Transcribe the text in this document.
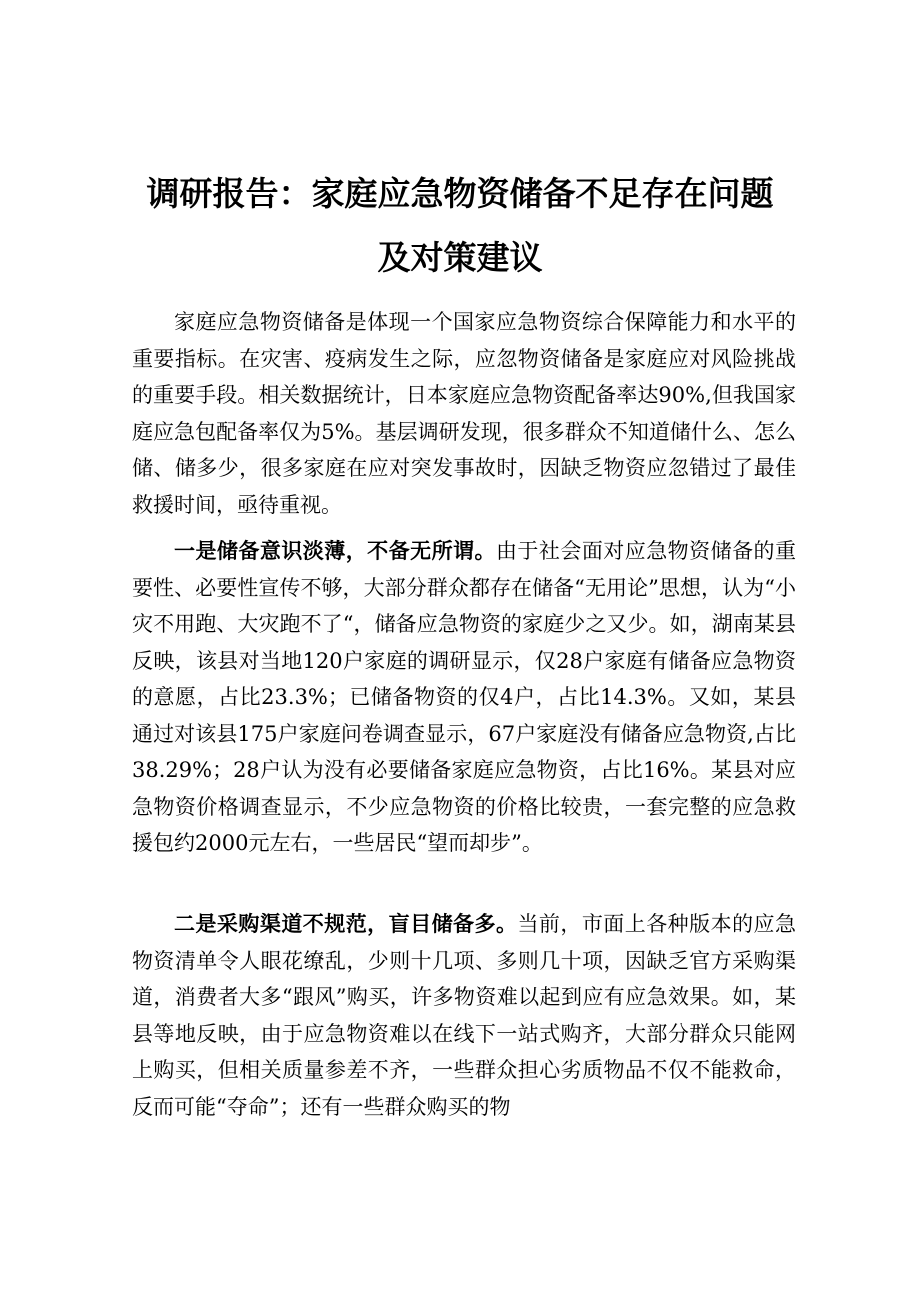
调研报告：家庭应急物资储备不足存在问题
及对策建议

家庭应急物资储备是体现一个国家应急物资综合保障能力和水平的重要指标。在灾害、疫病发生之际，应忽物资储备是家庭应对风险挑战的重要手段。相关数据统计，日本家庭应急物资配备率达90%,但我国家庭应急包配备率仅为5%。基层调研发现，很多群众不知道储什么、怎么储、储多少，很多家庭在应对突发事故时，因缺乏物资应忽错过了最佳救援时间，亟待重视。

一是储备意识淡薄，不备无所谓。由于社会面对应急物资储备的重要性、必要性宣传不够，大部分群众都存在储备“无用论”思想，认为“小灾不用跑、大灾跑不了“，储备应急物资的家庭少之又少。如，湖南某县反映，该县对当地120户家庭的调研显示，仅28户家庭有储备应急物资的意愿，占比23.3%；已储备物资的仅4户，占比14.3%。又如，某县通过对该县175户家庭问卷调查显示，67户家庭没有储备应急物资,占比38.29%；28户认为没有必要储备家庭应急物资，占比16%。某县对应急物资价格调查显示，不少应急物资的价格比较贵，一套完整的应急救援包约2000元左右，一些居民“望而却步”。

二是采购渠道不规范，盲目储备多。当前，市面上各种版本的应急物资清单令人眼花缭乱，少则十几项、多则几十项，因缺乏官方采购渠道，消费者大多“跟风”购买，许多物资难以起到应有应急效果。如，某县等地反映，由于应急物资难以在线下一站式购齐，大部分群众只能网上购买，但相关质量参差不齐，一些群众担心劣质物品不仅不能救命，反而可能“夺命”；还有一些群众购买的物
